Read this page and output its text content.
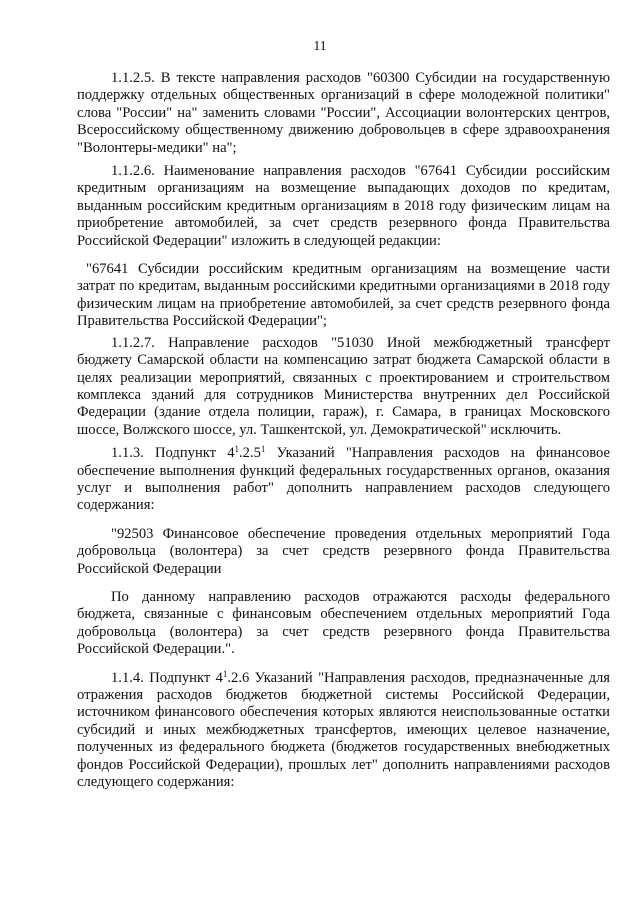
11

1.1.2.5. В тексте направления расходов "60300 Субсидии на государственную поддержку отдельных общественных организаций в сфере молодежной политики" слова "России" на" заменить словами "России", Ассоциации волонтерских центров, Всероссийскому общественному движению добровольцев в сфере здравоохранения "Волонтеры-медики" на";

1.1.2.6. Наименование направления расходов "67641 Субсидии российским кредитным организациям на возмещение выпадающих доходов по кредитам, выданным российским кредитным организациям в 2018 году физическим лицам на приобретение автомобилей, за счет средств резервного фонда Правительства Российской Федерации" изложить в следующей редакции:

"67641 Субсидии российским кредитным организациям на возмещение части затрат по кредитам, выданным российскими кредитными организациями в 2018 году физическим лицам на приобретение автомобилей, за счет средств резервного фонда Правительства Российской Федерации";

1.1.2.7. Направление расходов "51030 Иной межбюджетный трансферт бюджету Самарской области на компенсацию затрат бюджета Самарской области в целях реализации мероприятий, связанных с проектированием и строительством комплекса зданий для сотрудников Министерства внутренних дел Российской Федерации (здание отдела полиции, гараж), г. Самара, в границах Московского шоссе, Волжского шоссе, ул. Ташкентской, ул. Демократической" исключить.

1.1.3. Подпункт $4^1.2.5^1$ Указаний "Направления расходов на финансовое обеспечение выполнения функций федеральных государственных органов, оказания услуг и выполнения работ" дополнить направлением расходов следующего содержания:

"92503 Финансовое обеспечение проведения отдельных мероприятий Года добровольца (волонтера) за счет средств резервного фонда Правительства Российской Федерации

По данному направлению расходов отражаются расходы федерального бюджета, связанные с финансовым обеспечением отдельных мероприятий Года добровольца (волонтера) за счет средств резервного фонда Правительства Российской Федерации.".

1.1.4. Подпункт $4^1.2.6$ Указаний "Направления расходов, предназначенные для отражения расходов бюджетов бюджетной системы Российской Федерации, источником финансового обеспечения которых являются неиспользованные остатки субсидий и иных межбюджетных трансфертов, имеющих целевое назначение, полученных из федерального бюджета (бюджетов государственных внебюджетных фондов Российской Федерации), прошлых лет" дополнить направлениями расходов следующего содержания:
